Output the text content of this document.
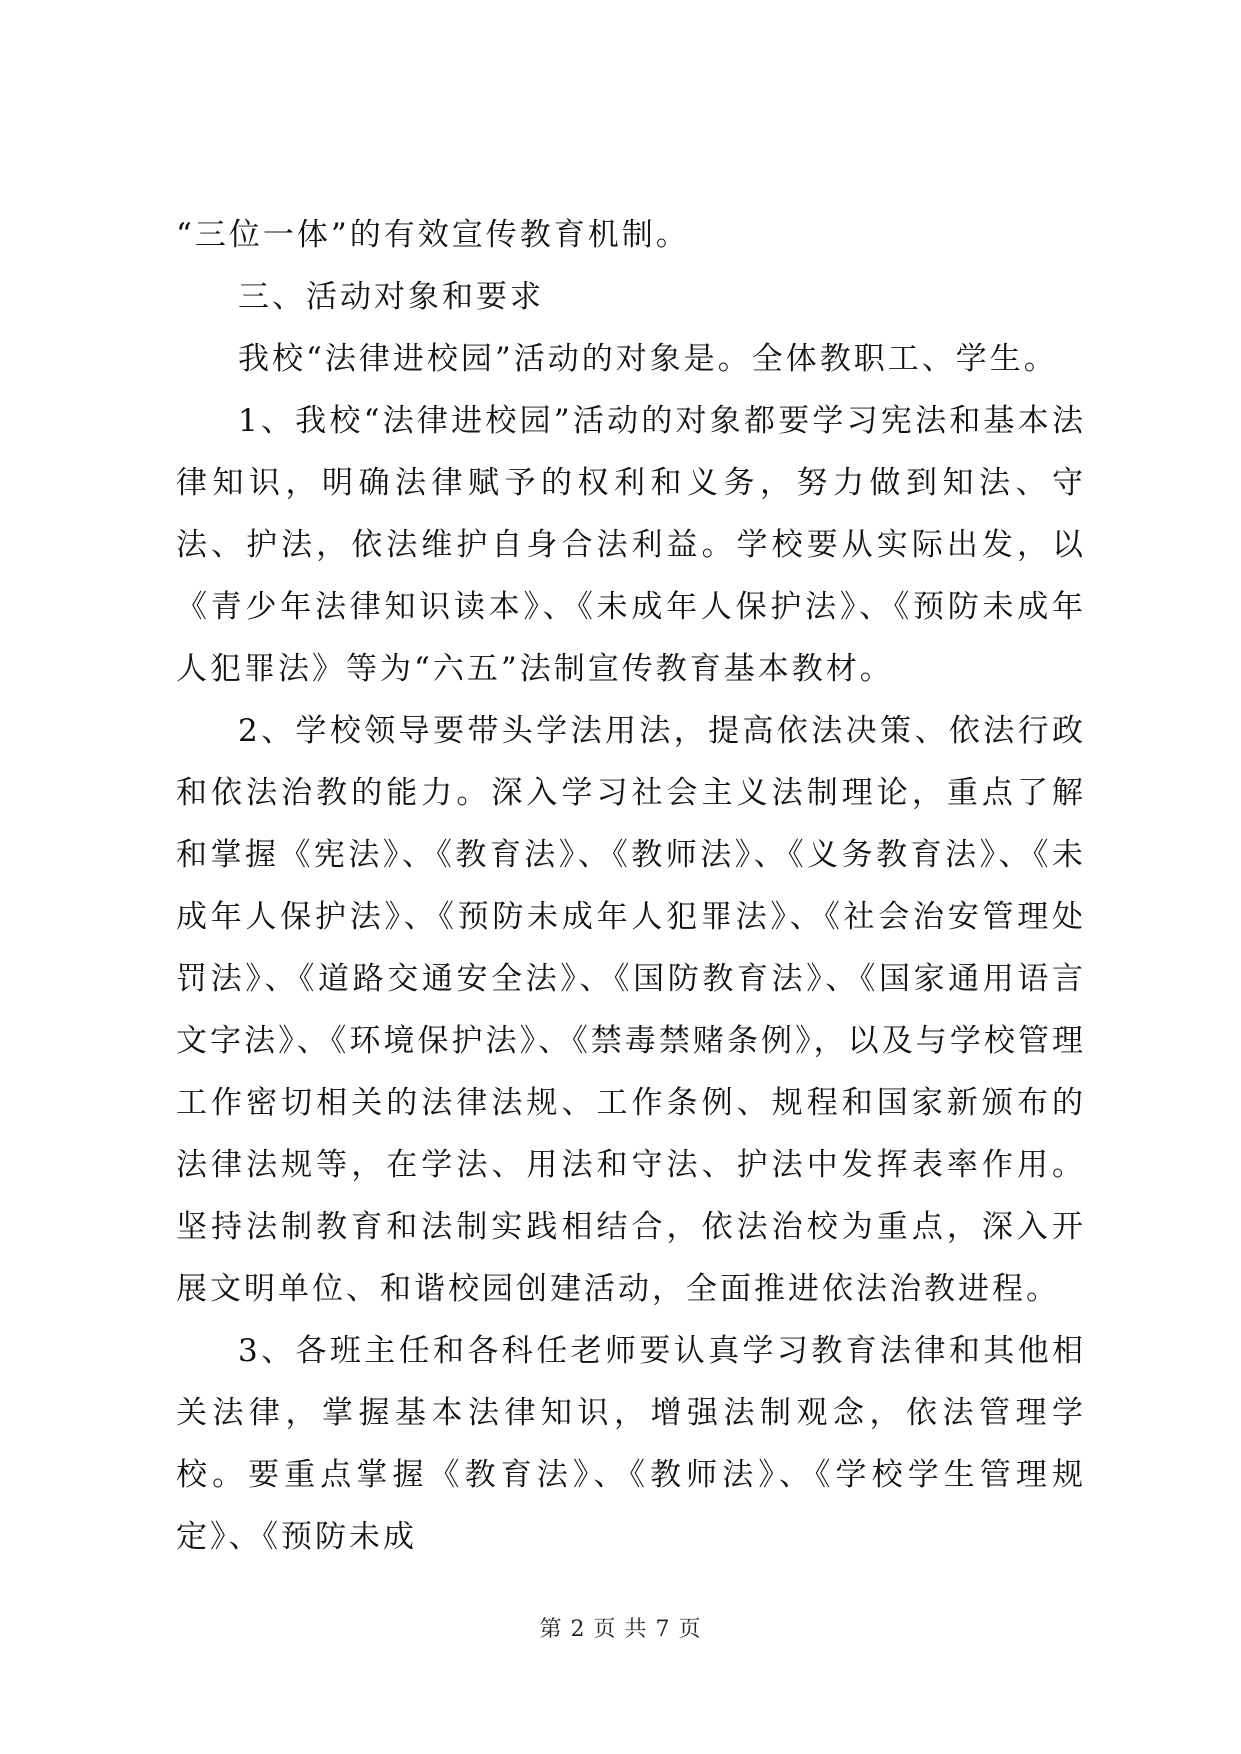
“三位一体”的有效宣传教育机制。

三、活动对象和要求

我校“法律进校园”活动的对象是。全体教职工、学生。

1、我校“法律进校园”活动的对象都要学习宪法和基本法律知识，明确法律赋予的权利和义务，努力做到知法、守法、护法，依法维护自身合法利益。学校要从实际出发，以《青少年法律知识读本》、《未成年人保护法》、《预防未成年人犯罪法》等为“六五”法制宣传教育基本教材。

2、学校领导要带头学法用法，提高依法决策、依法行政和依法治教的能力。深入学习社会主义法制理论，重点了解和掌握《宪法》、《教育法》、《教师法》、《义务教育法》、《未成年人保护法》、《预防未成年人犯罪法》、《社会治安管理处罚法》、《道路交通安全法》、《国防教育法》、《国家通用语言文字法》、《环境保护法》、《禁毒禁赌条例》，以及与学校管理工作密切相关的法律法规、工作条例、规程和国家新颁布的法律法规等，在学法、用法和守法、护法中发挥表率作用。坚持法制教育和法制实践相结合，依法治校为重点，深入开展文明单位、和谐校园创建活动，全面推进依法治教进程。

3、各班主任和各科任老师要认真学习教育法律和其他相关法律，掌握基本法律知识，增强法制观念，依法管理学校。要重点掌握《教育法》、《教师法》、《学校学生管理规定》、《预防未成

第 2 页 共 7 页
